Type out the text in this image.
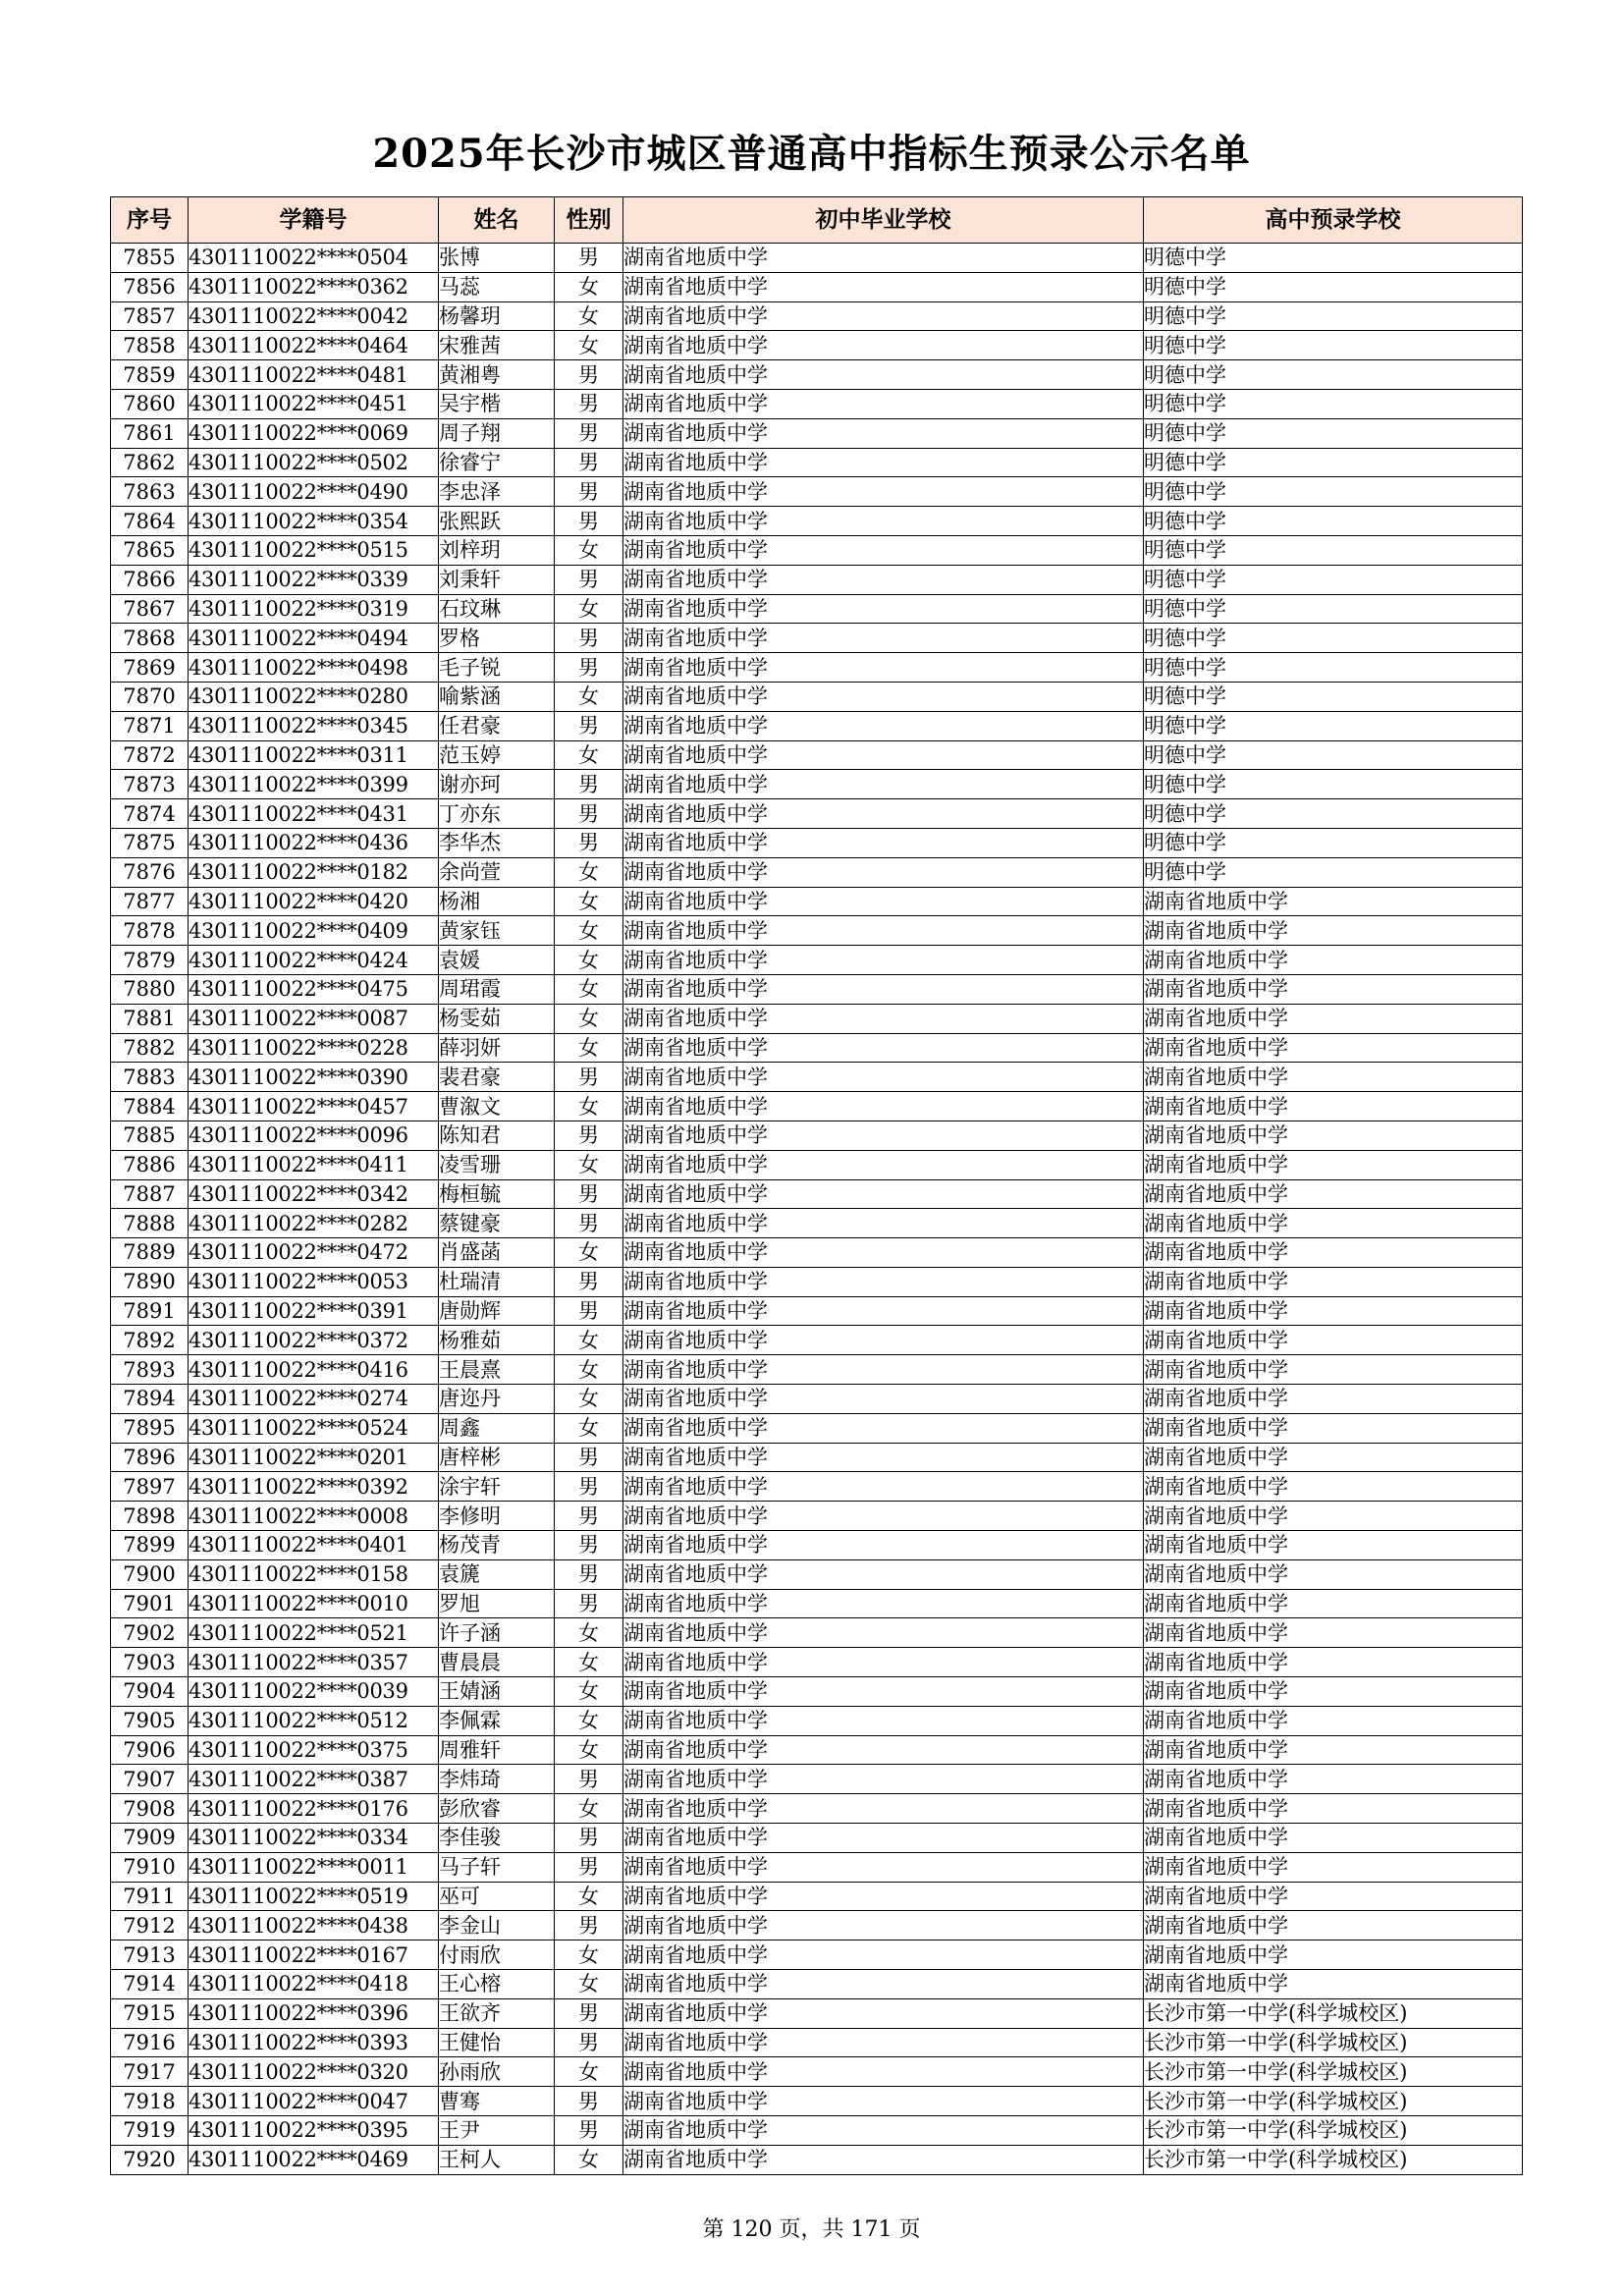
2025年长沙市城区普通高中指标生预录公示名单
序号	学籍号	姓名	性别	初中毕业学校	高中预录学校
7855	4301110022****0504	张博	男	湖南省地质中学	明德中学
7856	4301110022****0362	马蕊	女	湖南省地质中学	明德中学
7857	4301110022****0042	杨馨玥	女	湖南省地质中学	明德中学
7858	4301110022****0464	宋雅茜	女	湖南省地质中学	明德中学
7859	4301110022****0481	黄湘粤	男	湖南省地质中学	明德中学
7860	4301110022****0451	吴宇楷	男	湖南省地质中学	明德中学
7861	4301110022****0069	周子翔	男	湖南省地质中学	明德中学
7862	4301110022****0502	徐睿宁	男	湖南省地质中学	明德中学
7863	4301110022****0490	李忠泽	男	湖南省地质中学	明德中学
7864	4301110022****0354	张熙跃	男	湖南省地质中学	明德中学
7865	4301110022****0515	刘梓玥	女	湖南省地质中学	明德中学
7866	4301110022****0339	刘秉轩	男	湖南省地质中学	明德中学
7867	4301110022****0319	石玟琳	女	湖南省地质中学	明德中学
7868	4301110022****0494	罗格	男	湖南省地质中学	明德中学
7869	4301110022****0498	毛子锐	男	湖南省地质中学	明德中学
7870	4301110022****0280	喻紫涵	女	湖南省地质中学	明德中学
7871	4301110022****0345	任君豪	男	湖南省地质中学	明德中学
7872	4301110022****0311	范玉婷	女	湖南省地质中学	明德中学
7873	4301110022****0399	谢亦珂	男	湖南省地质中学	明德中学
7874	4301110022****0431	丁亦东	男	湖南省地质中学	明德中学
7875	4301110022****0436	李华杰	男	湖南省地质中学	明德中学
7876	4301110022****0182	余尚萱	女	湖南省地质中学	明德中学
7877	4301110022****0420	杨湘	女	湖南省地质中学	湖南省地质中学
7878	4301110022****0409	黄家钰	女	湖南省地质中学	湖南省地质中学
7879	4301110022****0424	袁媛	女	湖南省地质中学	湖南省地质中学
7880	4301110022****0475	周珺霞	女	湖南省地质中学	湖南省地质中学
7881	4301110022****0087	杨雯茹	女	湖南省地质中学	湖南省地质中学
7882	4301110022****0228	薛羽妍	女	湖南省地质中学	湖南省地质中学
7883	4301110022****0390	裴君豪	男	湖南省地质中学	湖南省地质中学
7884	4301110022****0457	曹溆文	女	湖南省地质中学	湖南省地质中学
7885	4301110022****0096	陈知君	男	湖南省地质中学	湖南省地质中学
7886	4301110022****0411	凌雪珊	女	湖南省地质中学	湖南省地质中学
7887	4301110022****0342	梅桓毓	男	湖南省地质中学	湖南省地质中学
7888	4301110022****0282	蔡键豪	男	湖南省地质中学	湖南省地质中学
7889	4301110022****0472	肖盛菡	女	湖南省地质中学	湖南省地质中学
7890	4301110022****0053	杜瑞清	男	湖南省地质中学	湖南省地质中学
7891	4301110022****0391	唐勋辉	男	湖南省地质中学	湖南省地质中学
7892	4301110022****0372	杨雅茹	女	湖南省地质中学	湖南省地质中学
7893	4301110022****0416	王晨熹	女	湖南省地质中学	湖南省地质中学
7894	4301110022****0274	唐迩丹	女	湖南省地质中学	湖南省地质中学
7895	4301110022****0524	周鑫	女	湖南省地质中学	湖南省地质中学
7896	4301110022****0201	唐梓彬	男	湖南省地质中学	湖南省地质中学
7897	4301110022****0392	涂宇轩	男	湖南省地质中学	湖南省地质中学
7898	4301110022****0008	李修明	男	湖南省地质中学	湖南省地质中学
7899	4301110022****0401	杨茂青	男	湖南省地质中学	湖南省地质中学
7900	4301110022****0158	袁篪	男	湖南省地质中学	湖南省地质中学
7901	4301110022****0010	罗旭	男	湖南省地质中学	湖南省地质中学
7902	4301110022****0521	许子涵	女	湖南省地质中学	湖南省地质中学
7903	4301110022****0357	曹晨晨	女	湖南省地质中学	湖南省地质中学
7904	4301110022****0039	王婧涵	女	湖南省地质中学	湖南省地质中学
7905	4301110022****0512	李佩霖	女	湖南省地质中学	湖南省地质中学
7906	4301110022****0375	周雅轩	女	湖南省地质中学	湖南省地质中学
7907	4301110022****0387	李炜琦	男	湖南省地质中学	湖南省地质中学
7908	4301110022****0176	彭欣睿	女	湖南省地质中学	湖南省地质中学
7909	4301110022****0334	李佳骏	男	湖南省地质中学	湖南省地质中学
7910	4301110022****0011	马子轩	男	湖南省地质中学	湖南省地质中学
7911	4301110022****0519	巫可	女	湖南省地质中学	湖南省地质中学
7912	4301110022****0438	李金山	男	湖南省地质中学	湖南省地质中学
7913	4301110022****0167	付雨欣	女	湖南省地质中学	湖南省地质中学
7914	4301110022****0418	王心榕	女	湖南省地质中学	湖南省地质中学
7915	4301110022****0396	王欲齐	男	湖南省地质中学	长沙市第一中学(科学城校区)
7916	4301110022****0393	王健怡	男	湖南省地质中学	长沙市第一中学(科学城校区)
7917	4301110022****0320	孙雨欣	女	湖南省地质中学	长沙市第一中学(科学城校区)
7918	4301110022****0047	曹骞	男	湖南省地质中学	长沙市第一中学(科学城校区)
7919	4301110022****0395	王尹	男	湖南省地质中学	长沙市第一中学(科学城校区)
7920	4301110022****0469	王柯人	女	湖南省地质中学	长沙市第一中学(科学城校区)
第 120 页，共 171 页
